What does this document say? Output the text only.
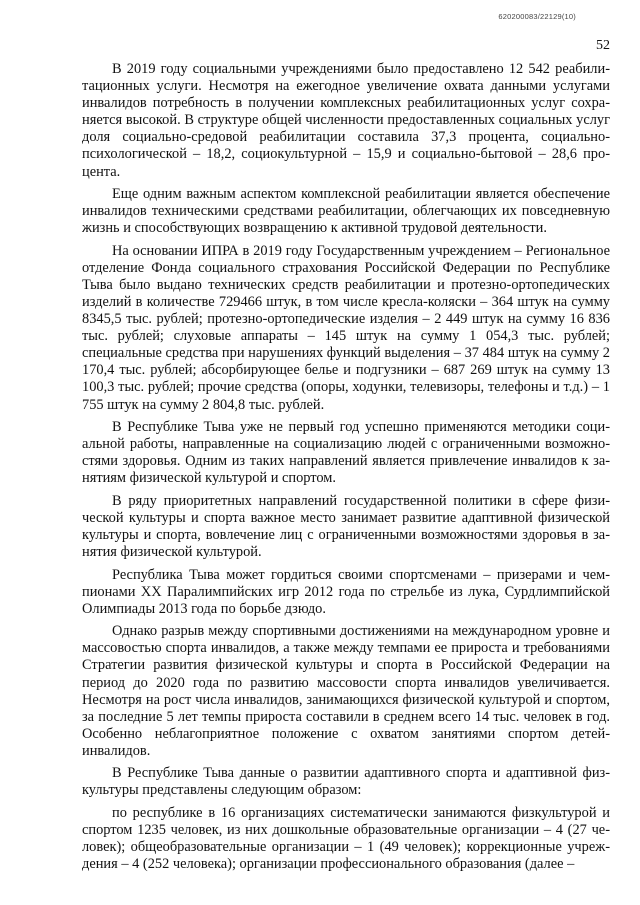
620200083/22129(10)
52

В 2019 году социальными учреждениями было предоставлено 12 542 реабилитационных услуги. Несмотря на ежегодное увеличение охвата данными услугами инвалидов потребность в получении комплексных реабилитационных услуг сохраняется высокой. В структуре общей численности предоставленных социальных услуг доля социально-средовой реабилитации составила 37,3 процента, социально-психологической – 18,2, социокультурной – 15,9 и социально-бытовой – 28,6 процента.

Еще одним важным аспектом комплексной реабилитации является обеспечение инвалидов техническими средствами реабилитации, облегчающих их повседневную жизнь и способствующих возвращению к активной трудовой деятельности.

На основании ИПРА в 2019 году Государственным учреждением – Региональное отделение Фонда социального страхования Российской Федерации по Республике Тыва было выдано технических средств реабилитации и протезно-ортопедических изделий в количестве 729466 штук, в том числе кресла-коляски – 364 штук на сумму 8345,5 тыс. рублей; протезно-ортопедические изделия – 2 449 штук на сумму 16 836 тыс. рублей; слуховые аппараты – 145 штук на сумму 1 054,3 тыс. рублей; специальные средства при нарушениях функций выделения – 37 484 штук на сумму 2 170,4 тыс. рублей; абсорбирующее белье и подгузники – 687 269 штук на сумму 13 100,3 тыс. рублей; прочие средства (опоры, ходунки, телевизоры, телефоны и т.д.) – 1 755 штук на сумму 2 804,8 тыс. рублей.

В Республике Тыва уже не первый год успешно применяются методики социальной работы, направленные на социализацию людей с ограниченными возможностями здоровья. Одним из таких направлений является привлечение инвалидов к занятиям физической культурой и спортом.

В ряду приоритетных направлений государственной политики в сфере физической культуры и спорта важное место занимает развитие адаптивной физической культуры и спорта, вовлечение лиц с ограниченными возможностями здоровья в занятия физической культурой.

Республика Тыва может гордиться своими спортсменами – призерами и чемпионами XX Паралимпийских игр 2012 года по стрельбе из лука, Сурдлимпийской Олимпиады 2013 года по борьбе дзюдо.

Однако разрыв между спортивными достижениями на международном уровне и массовостью спорта инвалидов, а также между темпами ее прироста и требованиями Стратегии развития физической культуры и спорта в Российской Федерации на период до 2020 года по развитию массовости спорта инвалидов увеличивается. Несмотря на рост числа инвалидов, занимающихся физической культурой и спортом, за последние 5 лет темпы прироста составили в среднем всего 14 тыс. человек в год. Особенно неблагоприятное положение с охватом занятиями спортом детей-инвалидов.

В Республике Тыва данные о развитии адаптивного спорта и адаптивной физкультуры представлены следующим образом:

по республике в 16 организациях систематически занимаются физкультурой и спортом 1235 человек, из них дошкольные образовательные организации – 4 (27 человек); общеобразовательные организации – 1 (49 человек); коррекционные учреждения – 4 (252 человека); организации профессионального образования (далее –
